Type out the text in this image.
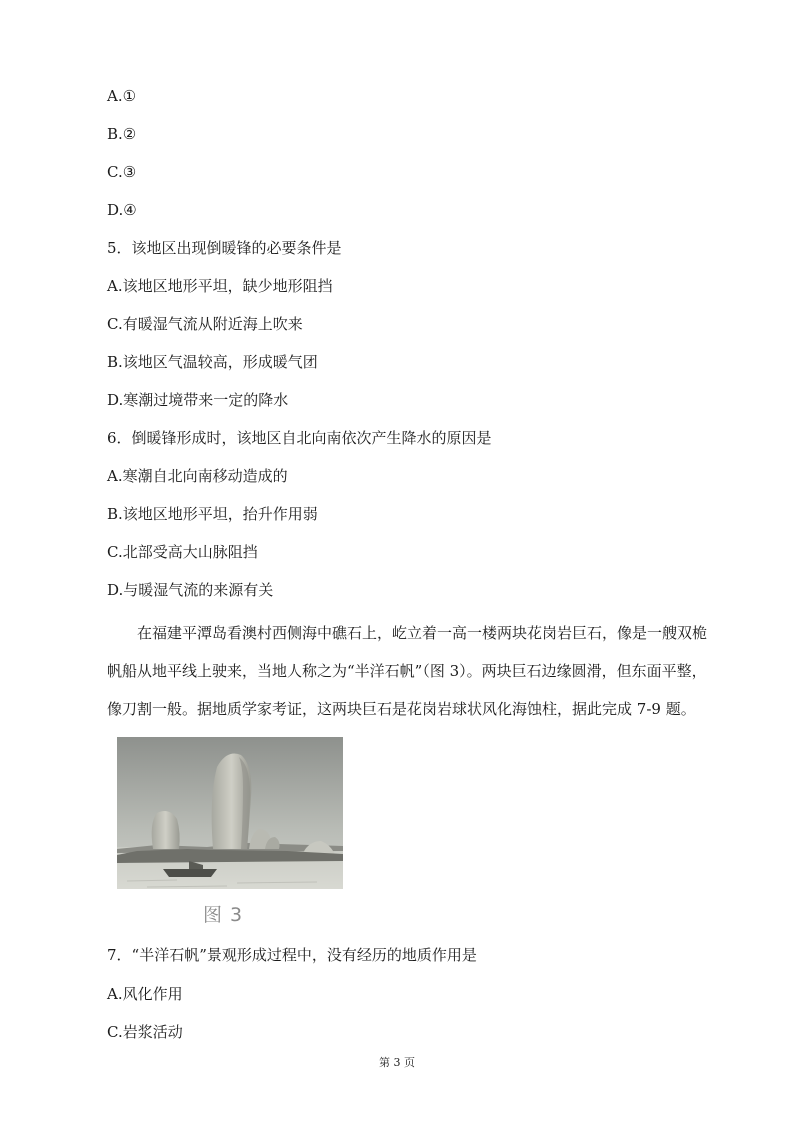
A.①
B.②
C.③
D.④
5．该地区出现倒暖锋的必要条件是
A.该地区地形平坦，缺少地形阻挡
C.有暖湿气流从附近海上吹来
B.该地区气温较高，形成暖气团
D.寒潮过境带来一定的降水
6．倒暖锋形成时，该地区自北向南依次产生降水的原因是
A.寒潮自北向南移动造成的
B.该地区地形平坦，抬升作用弱
C.北部受高大山脉阻挡
D.与暖湿气流的来源有关
　　在福建平潭岛看澳村西侧海中礁石上，屹立着一高一楼两块花岗岩巨石，像是一艘双桅
帆船从地平线上驶来，当地人称之为“半洋石帆”（图 3）。两块巨石边缘圆滑，但东面平整，
像刀割一般。据地质学家考证，这两块巨石是花岗岩球状风化海蚀柱，据此完成 7-9 题。
图 3
7．“半洋石帆”景观形成过程中，没有经历的地质作用是
A.风化作用
C.岩浆活动
第 3 页
